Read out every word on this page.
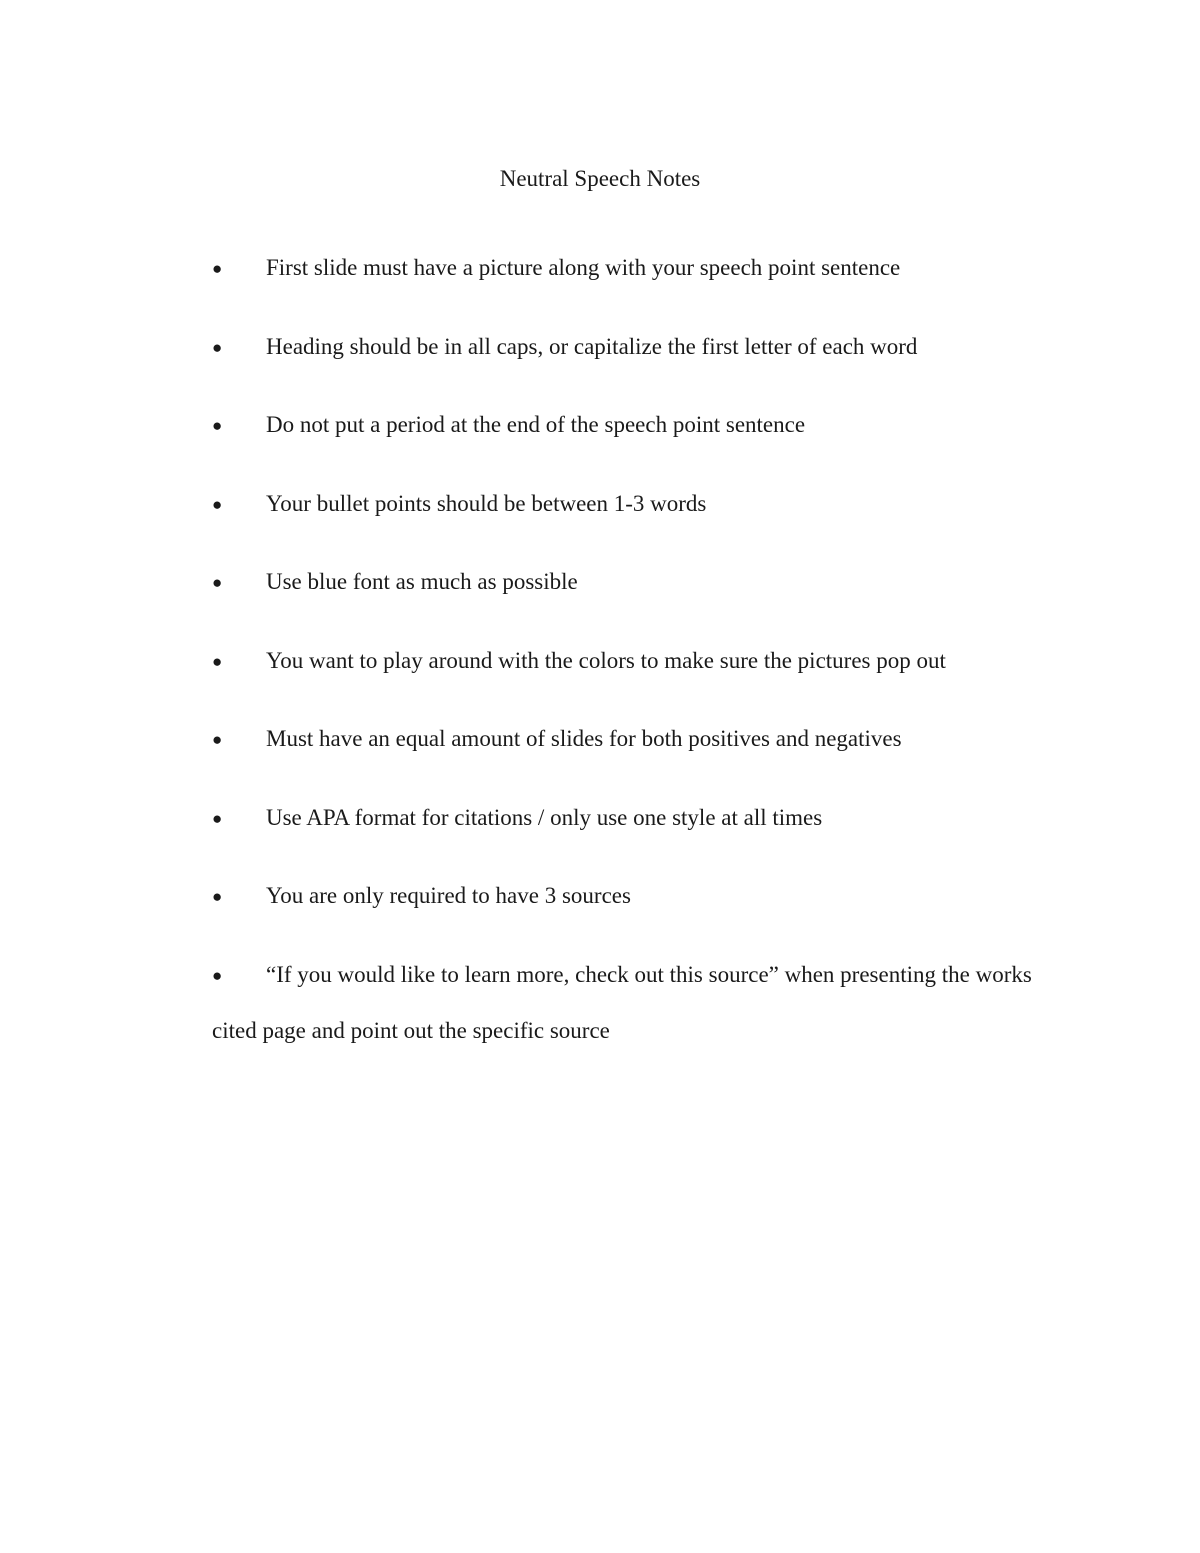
Neutral Speech Notes
● First slide must have a picture along with your speech point sentence
● Heading should be in all caps, or capitalize the first letter of each word
● Do not put a period at the end of the speech point sentence
● Your bullet points should be between 1-3 words
● Use blue font as much as possible
● You want to play around with the colors to make sure the pictures pop out
● Must have an equal amount of slides for both positives and negatives
● Use APA format for citations / only use one style at all times
● You are only required to have 3 sources
● “If you would like to learn more, check out this source” when presenting the works cited page and point out the specific source
